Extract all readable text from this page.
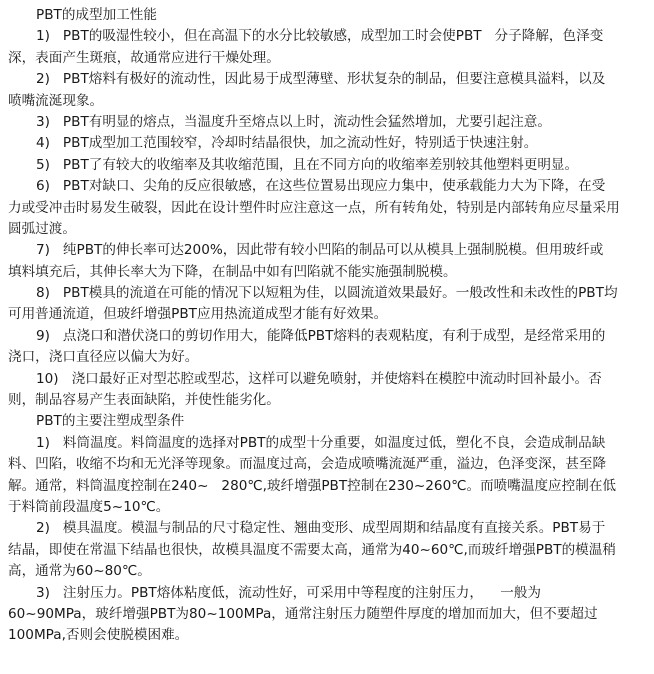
PBT的成型加工性能
1)   PBT的吸湿性较小，但在高温下的水分比较敏感，成型加工时会使PBT   分子降解，色泽变
深，表面产生斑痕，故通常应进行干燥处理。
2)   PBT熔料有极好的流动性，因此易于成型薄壁、形状复杂的制品，但要注意模具溢料，以及
喷嘴流涎现象。
3)   PBT有明显的熔点，当温度升至熔点以上时，流动性会猛然增加，尤要引起注意。
4)   PBT成型加工范围较窄，冷却时结晶很快，加之流动性好，特别适于快速注射。
5)   PBT了有较大的收缩率及其收缩范围，且在不同方向的收缩率差别较其他塑料更明显。
6)   PBT对缺口、尖角的反应很敏感，在这些位置易出现应力集中，使承载能力大为下降，在受
力或受冲击时易发生破裂，因此在设计塑件时应注意这一点，所有转角处，特别是内部转角应尽量采用
圆弧过渡。
7)   纯PBT的伸长率可达200%，因此带有较小凹陷的制品可以从模具上强制脱模。但用玻纤或
填料填充后，其伸长率大为下降，在制品中如有凹陷就不能实施强制脱模。
8)   PBT模具的流道在可能的情况下以短粗为佳，以圆流道效果最好。一般改性和未改性的PBT均
可用普通流道，但玻纤增强PBT应用热流道成型才能有好效果。
9)   点浇口和潜伏浇口的剪切作用大，能降低PBT熔料的表观粘度，有利于成型，是经常采用的
浇口，浇口直径应以偏大为好。
10)   浇口最好正对型芯腔或型芯，这样可以避免喷射，并使熔料在模腔中流动时回补最小。否
则，制品容易产生表面缺陷，并使性能劣化。
PBT的主要注塑成型条件
1)   料筒温度。料筒温度的选择对PBT的成型十分重要，如温度过低，塑化不良，会造成制品缺
料、凹陷，收缩不均和无光泽等现象。而温度过高，会造成喷嘴流涎严重，溢边，色泽变深，甚至降
解。通常，料筒温度控制在240~   280℃,玻纤增强PBT控制在230~260℃。而喷嘴温度应控制在低
于料筒前段温度5~10℃。
2)   模具温度。模温与制品的尺寸稳定性、翘曲变形、成型周期和结晶度有直接关系。PBT易于
结晶，即使在常温下结晶也很快，故模具温度不需要太高，通常为40~60℃,而玻纤增强PBT的模温稍
高，通常为60~80℃。
3)   注射压力。PBT熔体粘度低，流动性好，可采用中等程度的注射压力，    一般为
60~90MPa，玻纤增强PBT为80~100MPa，通常注射压力随塑件厚度的增加而加大，但不要超过
100MPa,否则会使脱模困难。
